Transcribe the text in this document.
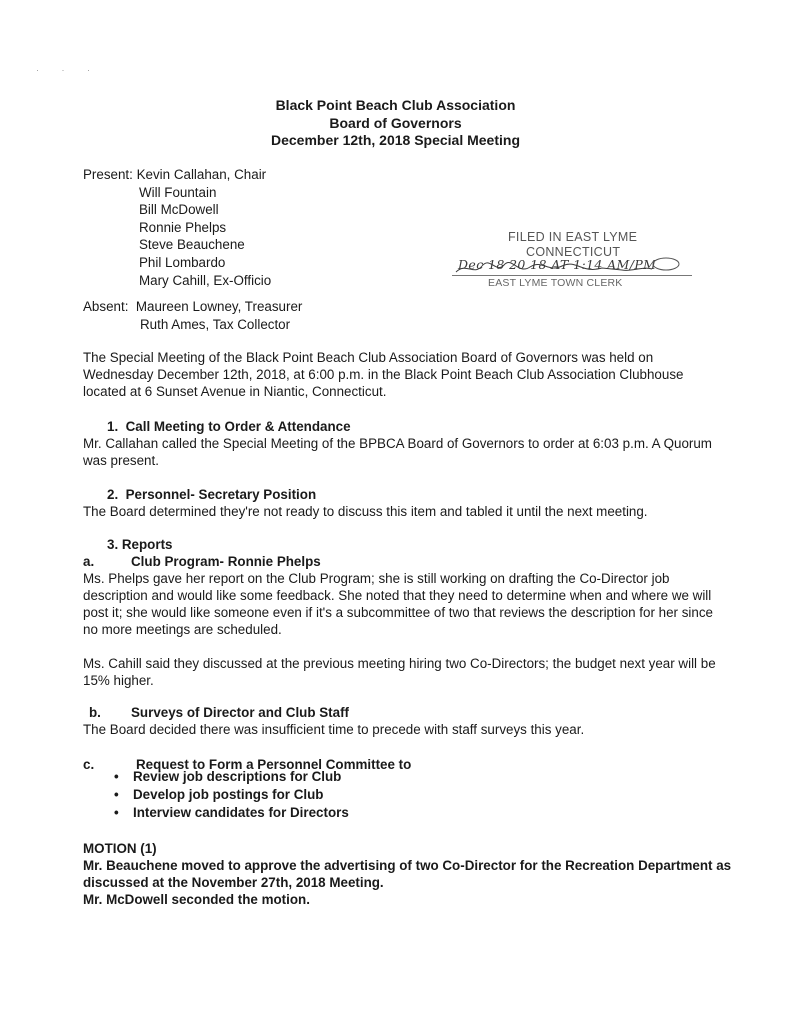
· · ·
Black Point Beach Club Association
Board of Governors
December 12th, 2018 Special Meeting
Present: Kevin Callahan, Chair
Will Fountain
Bill McDowell
Ronnie Phelps
Steve Beauchene
Phil Lombardo
Mary Cahill, Ex-Officio
FILED IN EAST LYME
CONNECTICUT
Dec 18 20 18 AT 1:14 AM/PM
EAST LYME TOWN CLERK
Absent: Maureen Lowney, Treasurer
Ruth Ames, Tax Collector
The Special Meeting of the Black Point Beach Club Association Board of Governors was held on Wednesday December 12th, 2018, at 6:00 p.m. in the Black Point Beach Club Association Clubhouse located at 6 Sunset Avenue in Niantic, Connecticut.
1.  Call Meeting to Order & Attendance
Mr. Callahan called the Special Meeting of the BPBCA Board of Governors to order at 6:03 p.m. A Quorum was present.
2.  Personnel- Secretary Position
The Board determined they're not ready to discuss this item and tabled it until the next meeting.
3. Reports
a.	Club Program- Ronnie Phelps
Ms. Phelps gave her report on the Club Program; she is still working on drafting the Co-Director job description and would like some feedback. She noted that they need to determine when and where we will post it; she would like someone even if it's a subcommittee of two that reviews the description for her since no more meetings are scheduled.
Ms. Cahill said they discussed at the previous meeting hiring two Co-Directors; the budget next year will be 15% higher.
b. Surveys of Director and Club Staff
The Board decided there was insufficient time to precede with staff surveys this year.
c.	Request to Form a Personnel Committee to
• Review job descriptions for Club
• Develop job postings for Club
• Interview candidates for Directors
MOTION (1)
Mr. Beauchene moved to approve the advertising of two Co-Director for the Recreation Department as discussed at the November 27th, 2018 Meeting.
Mr. McDowell seconded the motion.
